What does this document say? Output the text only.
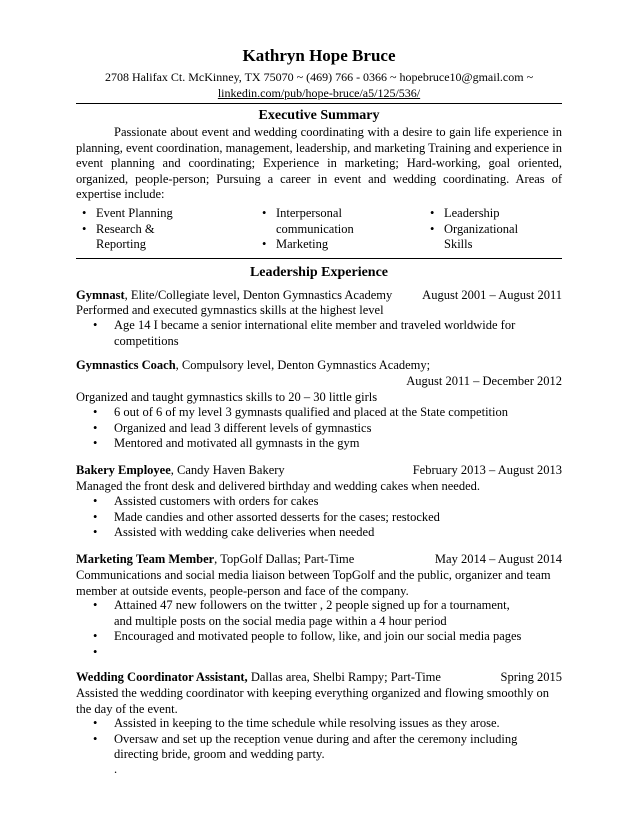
Kathryn Hope Bruce
2708 Halifax Ct. McKinney, TX 75070 ~ (469) 766 - 0366 ~ hopebruce10@gmail.com ~
linkedin.com/pub/hope-bruce/a5/125/536/
Executive Summary
Passionate about event and wedding coordinating with a desire to gain life experience in planning, event coordination, management, leadership, and marketing Training and experience in event planning and coordinating; Experience in marketing; Hard-working, goal oriented, organized, people-person; Pursuing a career in event and wedding coordinating. Areas of expertise include:
• Event Planning
• Research & Reporting
• Interpersonal communication
• Marketing
• Leadership
• Organizational Skills
Leadership Experience
Gymnast, Elite/Collegiate level, Denton Gymnastics Academy August 2001 – August 2011
Performed and executed gymnastics skills at the highest level
• Age 14 I became a senior international elite member and traveled worldwide for competitions
Gymnastics Coach, Compulsory level, Denton Gymnastics Academy;
August 2011 – December 2012
Organized and taught gymnastics skills to 20 – 30 little girls
• 6 out of 6 of my level 3 gymnasts qualified and placed at the State competition
• Organized and lead 3 different levels of gymnastics
• Mentored and motivated all gymnasts in the gym
Bakery Employee, Candy Haven Bakery	February 2013 – August 2013
Managed the front desk and delivered birthday and wedding cakes when needed.
• Assisted customers with orders for cakes
• Made candies and other assorted desserts for the cases; restocked
• Assisted with wedding cake deliveries when needed
Marketing Team Member, TopGolf Dallas; Part-Time	May 2014 – August 2014
Communications and social media liaison between TopGolf and the public, organizer and team member at outside events, people-person and face of the company.
• Attained 47 new followers on the twitter , 2 people signed up for a tournament, and multiple posts on the social media page within a 4 hour period
• Encouraged and motivated people to follow, like, and join our social media pages
•
Wedding Coordinator Assistant, Dallas area, Shelbi Rampy; Part-Time	Spring 2015
Assisted the wedding coordinator with keeping everything organized and flowing smoothly on the day of the event.
• Assisted in keeping to the time schedule while resolving issues as they arose.
• Oversaw and set up the reception venue during and after the ceremony including directing bride, groom and wedding party.
.
